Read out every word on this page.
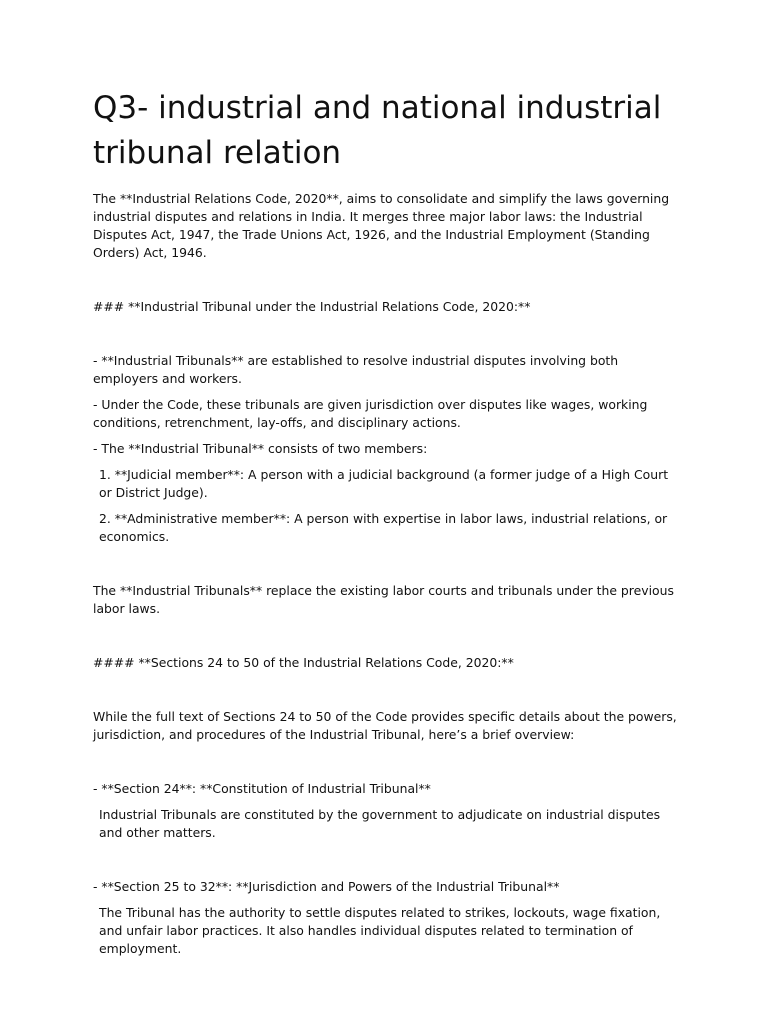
Q3- industrial and national industrial tribunal relation

The **Industrial Relations Code, 2020**, aims to consolidate and simplify the laws governing industrial disputes and relations in India. It merges three major labor laws: the Industrial Disputes Act, 1947, the Trade Unions Act, 1926, and the Industrial Employment (Standing Orders) Act, 1946.

### **Industrial Tribunal under the Industrial Relations Code, 2020:**

- **Industrial Tribunals** are established to resolve industrial disputes involving both employers and workers.

- Under the Code, these tribunals are given jurisdiction over disputes like wages, working conditions, retrenchment, lay-offs, and disciplinary actions.

- The **Industrial Tribunal** consists of two members:

1. **Judicial member**: A person with a judicial background (a former judge of a High Court or District Judge).

2. **Administrative member**: A person with expertise in labor laws, industrial relations, or economics.

The **Industrial Tribunals** replace the existing labor courts and tribunals under the previous labor laws.

#### **Sections 24 to 50 of the Industrial Relations Code, 2020:**

While the full text of Sections 24 to 50 of the Code provides specific details about the powers, jurisdiction, and procedures of the Industrial Tribunal, here’s a brief overview:

- **Section 24**: **Constitution of Industrial Tribunal**

Industrial Tribunals are constituted by the government to adjudicate on industrial disputes and other matters.

- **Section 25 to 32**: **Jurisdiction and Powers of the Industrial Tribunal**

The Tribunal has the authority to settle disputes related to strikes, lockouts, wage fixation, and unfair labor practices. It also handles individual disputes related to termination of employment.
